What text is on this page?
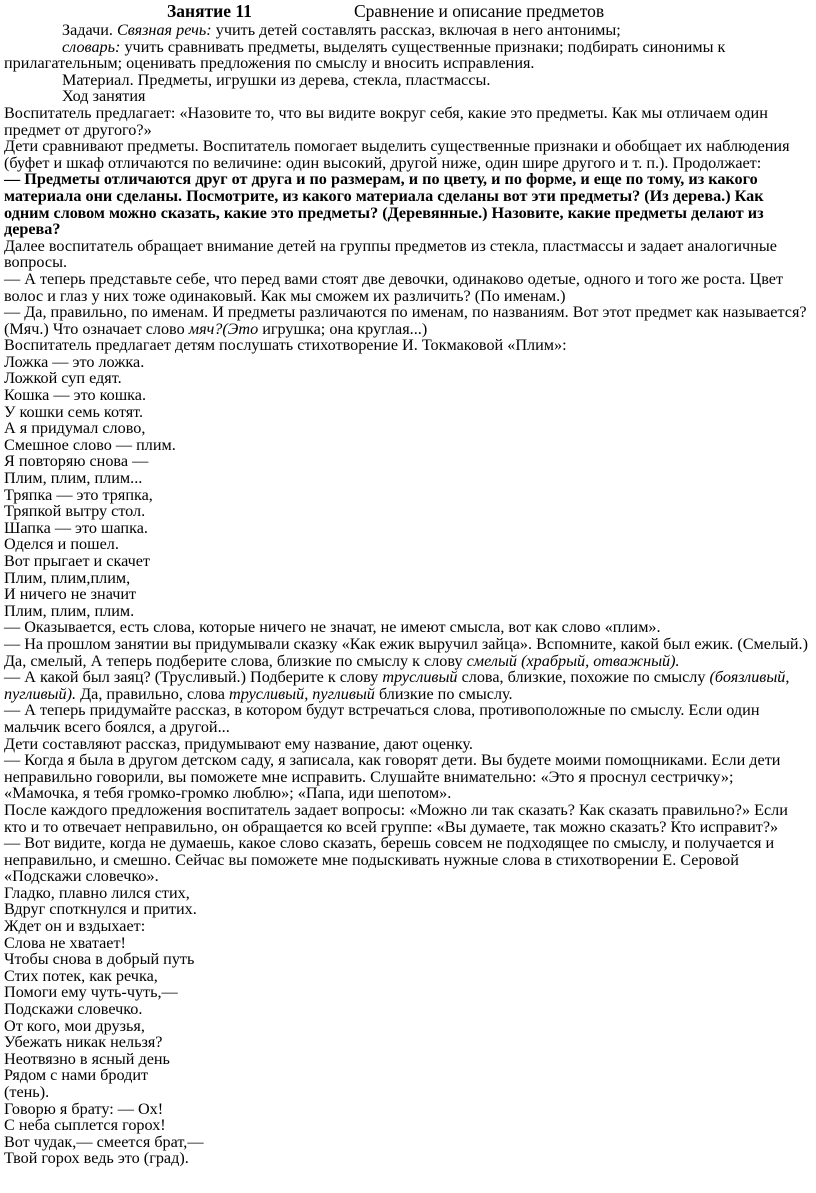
Занятие 11	Сравнение и описание предметов

Задачи. Связная речь: учить детей составлять рассказ, включая в него антонимы;

словарь: учить сравнивать предметы, выделять существенные признаки; подбирать синонимы к прилагательным; оценивать предложения по смыслу и вносить исправления.

Материал. Предметы, игрушки из дерева, стекла, пластмассы.

Ход занятия

Воспитатель предлагает: «Назовите то, что вы видите вокруг себя, какие это предметы. Как мы отличаем один предмет от другого?»

Дети сравнивают предметы. Воспитатель помогает выделить существенные признаки и обобщает их наблюдения (буфет и шкаф отличаются по величине: один высокий, другой ниже, один шире другого и т. п.). Продолжает:

— Предметы отличаются друг от друга и по размерам, и по цвету, и по форме, и еще по тому, из какого материала они сделаны. Посмотрите, из какого материала сделаны вот эти предметы? (Из дерева.) Как одним словом можно сказать, какие это предметы? (Деревянные.) Назовите, какие предметы делают из дерева?

Далее воспитатель обращает внимание детей на группы предметов из стекла, пластмассы и задает аналогичные вопросы.

— А теперь представьте себе, что перед вами стоят две девочки, одинаково одетые, одного и того же роста. Цвет волос и глаз у них тоже одинаковый. Как мы сможем их различить? (По именам.)

— Да, правильно, по именам. И предметы различаются по именам, по названиям. Вот этот предмет как называется? (Мяч.) Что означает слово мяч?(Это игрушка; она круглая...)

Воспитатель предлагает детям послушать стихотворение И. Токмаковой «Плим»:

Ложка — это ложка.

Ложкой суп едят.

Кошка — это кошка.

У кошки семь котят.

А я придумал слово,

Смешное слово — плим.

Я повторяю снова —

Плим, плим, плим...

Тряпка — это тряпка,

Тряпкой вытру стол.

Шапка — это шапка.

Оделся и пошел.

Вот прыгает и скачет

Плим, плим,плим,

И ничего не значит

Плим, плим, плим.

— Оказывается, есть слова, которые ничего не значат, не имеют смысла, вот как слово «плим».

— На прошлом занятии вы придумывали сказку «Как ежик выручил зайца». Вспомните, какой был ежик. (Смелый.) Да, смелый, А теперь подберите слова, близкие по смыслу к слову смелый (храбрый, отважный).

— А какой был заяц? (Трусливый.) Подберите к слову трусливый слова, близкие, похожие по смыслу (боязливый, пугливый). Да, правильно, слова трусливый, пугливый близкие по смыслу.

— А теперь придумайте рассказ, в котором будут встречаться слова, противоположные по смыслу. Если один мальчик всего боялся, а другой...

Дети составляют рассказ, придумывают ему название, дают оценку.

— Когда я была в другом детском саду, я записала, как говорят дети. Вы будете моими помощниками. Если дети неправильно говорили, вы поможете мне исправить. Слушайте внимательно: «Это я проснул сестричку»; «Мамочка, я тебя громко-громко люблю»; «Папа, иди шепотом».

После каждого предложения воспитатель задает вопросы: «Можно ли так сказать? Как сказать правильно?» Если кто и то отвечает неправильно, он обращается ко всей группе: «Вы думаете, так можно сказать? Кто исправит?»

— Вот видите, когда не думаешь, какое слово сказать, берешь совсем не подходящее по смыслу, и получается и неправильно, и смешно. Сейчас вы поможете мне подыскивать нужные слова в стихотворении Е. Серовой «Подскажи словечко».

Гладко, плавно лился стих,

Вдруг споткнулся и притих.

Ждет он и вздыхает:

Слова не хватает!

Чтобы снова в добрый путь

Стих потек, как речка,

Помоги ему чуть-чуть,—

Подскажи словечко.

От кого, мои друзья,

Убежать никак нельзя?

Неотвязно в ясный день

Рядом с нами бродит

(тень).

Говорю я брату: — Ох!

С неба сыплется горох!

Вот чудак,— смеется брат,—

Твой горох ведь это (град).
